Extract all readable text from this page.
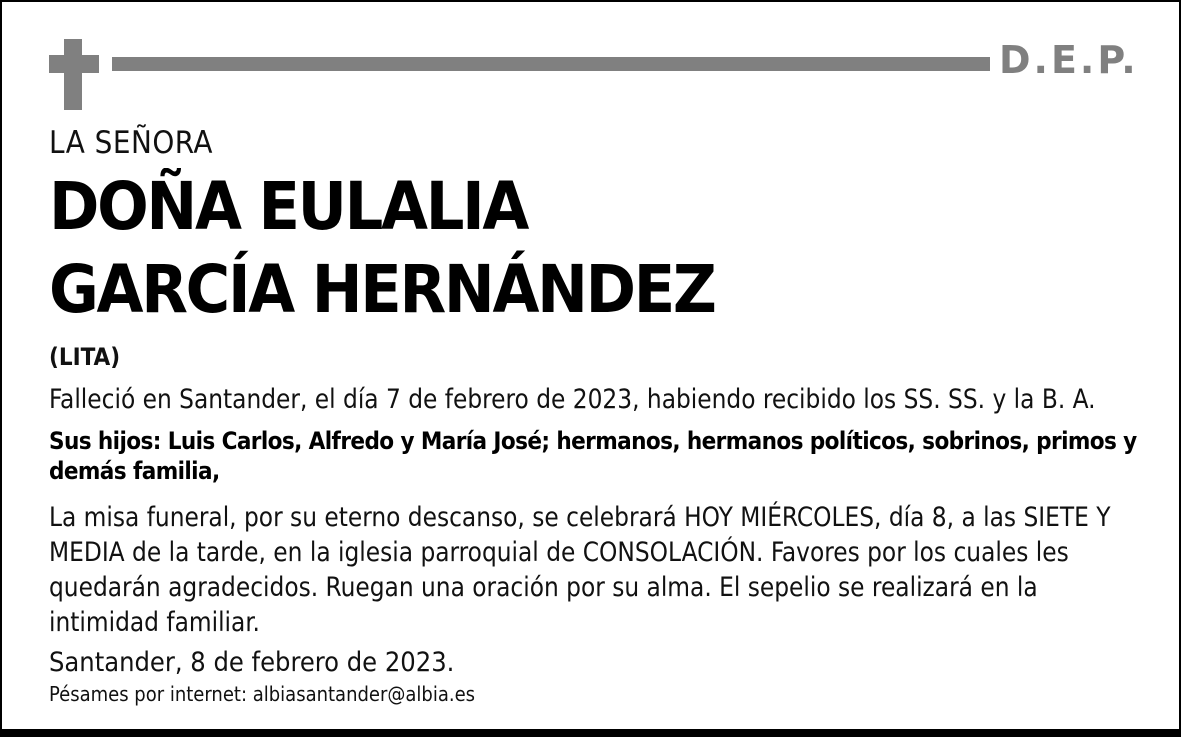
D.E.P.
LA SEÑORA
DOÑA EULALIA
GARCÍA HERNÁNDEZ
(LITA)
Falleció en Santander, el día 7 de febrero de 2023, habiendo recibido los SS. SS. y la B. A.
Sus hijos: Luis Carlos, Alfredo y María José; hermanos, hermanos políticos, sobrinos, primos y demás familia,
La misa funeral, por su eterno descanso, se celebrará HOY MIÉRCOLES, día 8, a las SIETE Y MEDIA de la tarde, en la iglesia parroquial de CONSOLACIÓN. Favores por los cuales les quedarán agradecidos. Ruegan una oración por su alma. El sepelio se realizará en la intimidad familiar.
Santander, 8 de febrero de 2023.
Pésames por internet: albiasantander@albia.es
